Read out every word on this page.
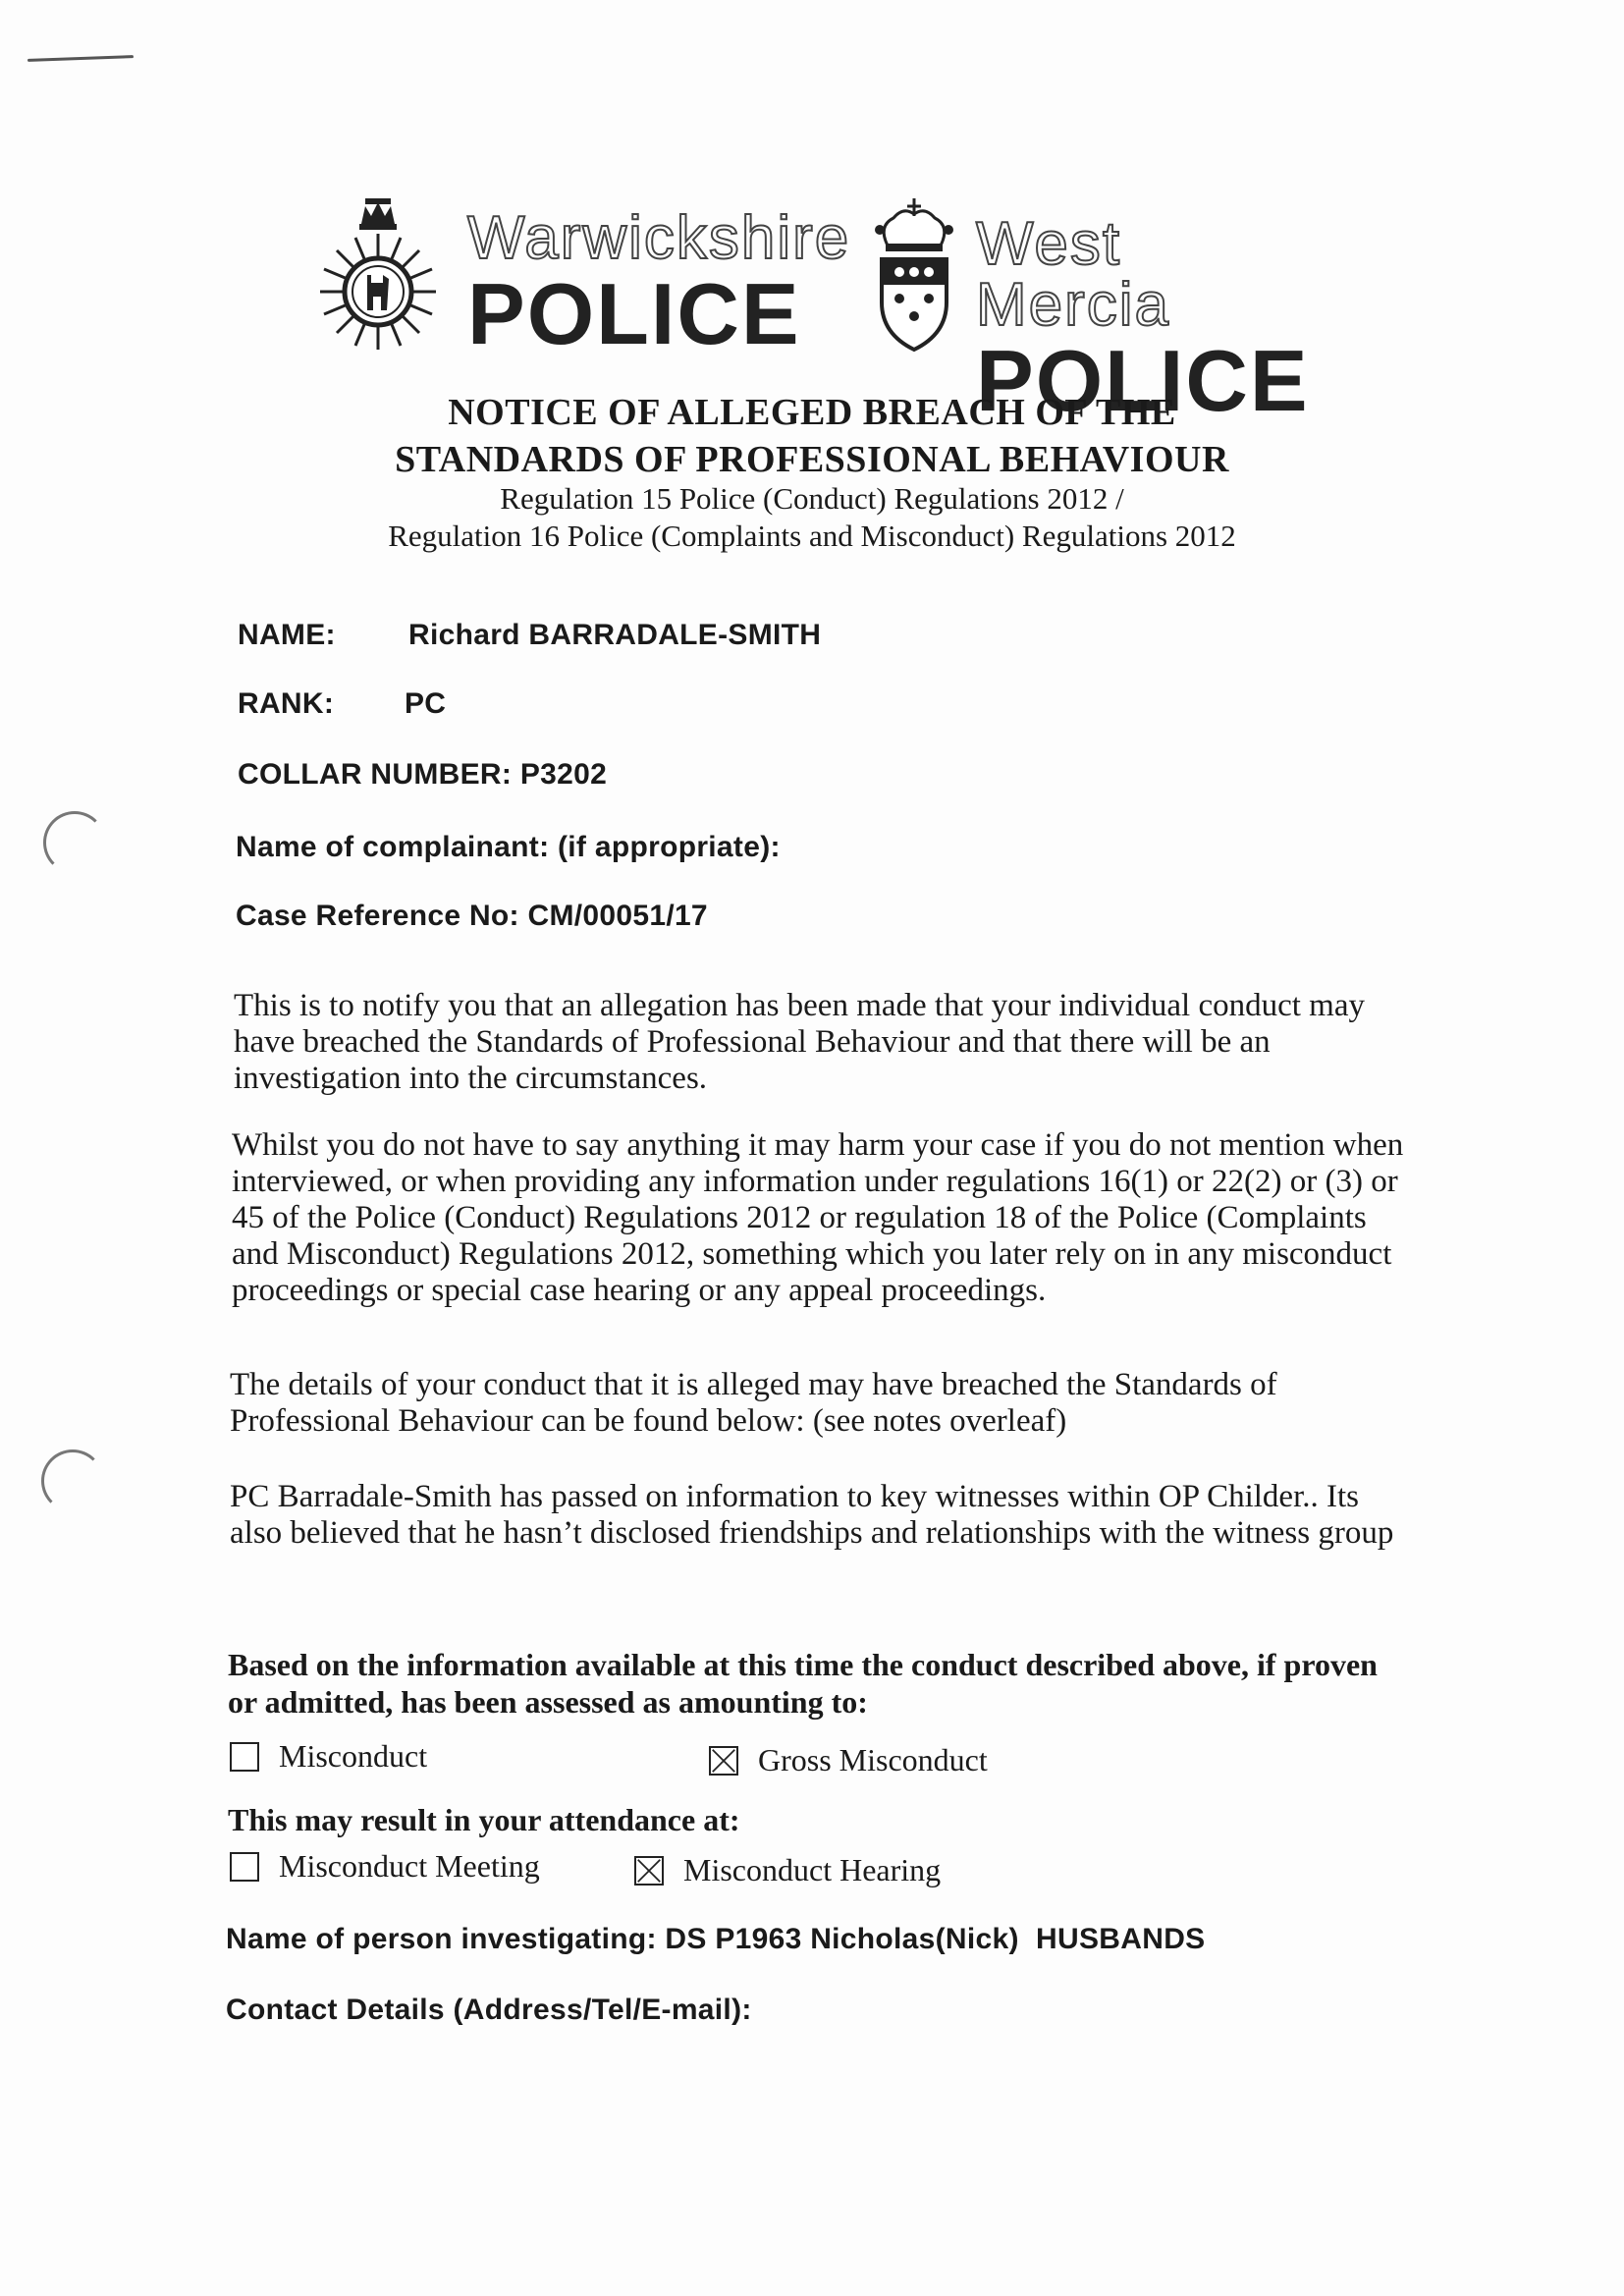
Warwickshire
POLICE
West Mercia
POLICE
NOTICE OF ALLEGED BREACH OF THE
STANDARDS OF PROFESSIONAL BEHAVIOUR
Regulation 15 Police (Conduct) Regulations 2012 /
Regulation 16 Police (Complaints and Misconduct) Regulations 2012
NAME: Richard BARRADALE-SMITH
RANK: PC
COLLAR NUMBER: P3202
Name of complainant: (if appropriate):
Case Reference No: CM/00051/17
This is to notify you that an allegation has been made that your individual conduct may have breached the Standards of Professional Behaviour and that there will be an investigation into the circumstances.
Whilst you do not have to say anything it may harm your case if you do not mention when interviewed, or when providing any information under regulations 16(1) or 22(2) or (3) or 45 of the Police (Conduct) Regulations 2012 or regulation 18 of the Police (Complaints and Misconduct) Regulations 2012, something which you later rely on in any misconduct proceedings or special case hearing or any appeal proceedings.
The details of your conduct that it is alleged may have breached the Standards of Professional Behaviour can be found below: (see notes overleaf)
PC Barradale-Smith has passed on information to key witnesses within OP Childer.. Its also believed that he hasn’t disclosed friendships and relationships with the witness group
Based on the information available at this time the conduct described above, if proven or admitted, has been assessed as amounting to:
Misconduct	Gross Misconduct
This may result in your attendance at:
Misconduct Meeting	Misconduct Hearing
Name of person investigating: DS P1963 Nicholas(Nick)  HUSBANDS
Contact Details (Address/Tel/E-mail):
